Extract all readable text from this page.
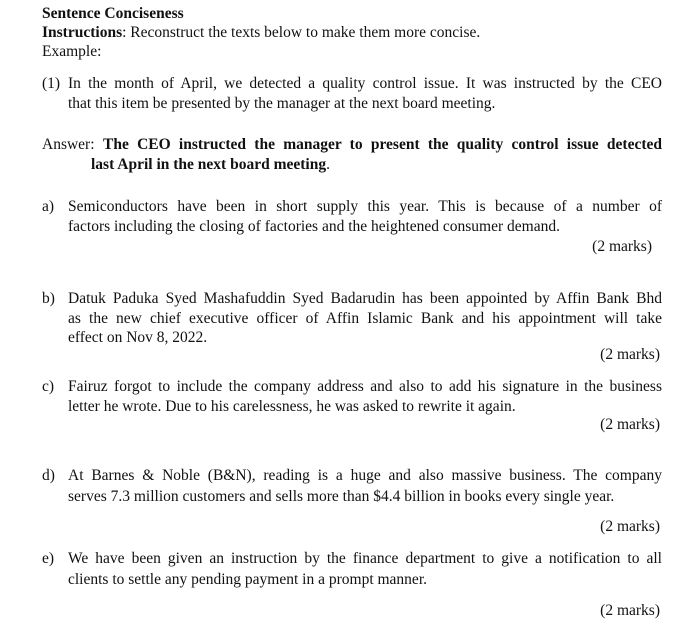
Sentence Conciseness
Instructions: Reconstruct the texts below to make them more concise.
Example:
(1) In the month of April, we detected a quality control issue. It was instructed by the CEO
that this item be presented by the manager at the next board meeting.
Answer: The CEO instructed the manager to present the quality control issue detected
last April in the next board meeting.
a) Semiconductors have been in short supply this year. This is because of a number of
factors including the closing of factories and the heightened consumer demand.
(2 marks)
b) Datuk Paduka Syed Mashafuddin Syed Badarudin has been appointed by Affin Bank Bhd
as the new chief executive officer of Affin Islamic Bank and his appointment will take
effect on Nov 8, 2022.
(2 marks)
c) Fairuz forgot to include the company address and also to add his signature in the business
letter he wrote. Due to his carelessness, he was asked to rewrite it again.
(2 marks)
d) At Barnes & Noble (B&N), reading is a huge and also massive business. The company
serves 7.3 million customers and sells more than $4.4 billion in books every single year.
(2 marks)
e) We have been given an instruction by the finance department to give a notification to all
clients to settle any pending payment in a prompt manner.
(2 marks)
